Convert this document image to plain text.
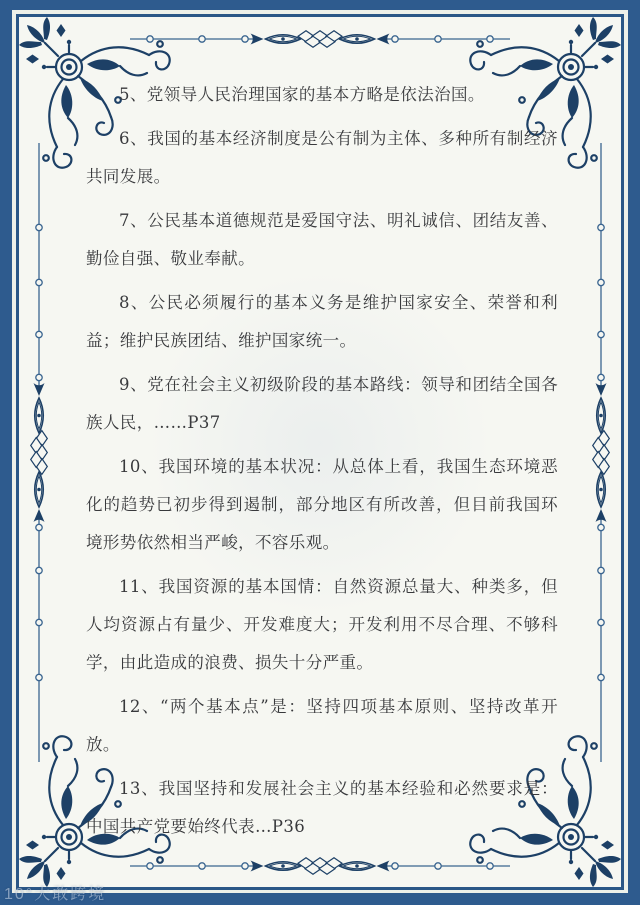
5、党领导人民治理国家的基本方略是依法治国。

6、我国的基本经济制度是公有制为主体、多种所有制经济共同发展。

7、公民基本道德规范是爱国守法、明礼诚信、团结友善、勤俭自强、敬业奉献。

8、公民必须履行的基本义务是维护国家安全、荣誉和利益；维护民族团结、维护国家统一。

9、党在社会主义初级阶段的基本路线：领导和团结全国各族人民，……P37

10、我国环境的基本状况：从总体上看，我国生态环境恶化的趋势已初步得到遏制，部分地区有所改善，但目前我国环境形势依然相当严峻，不容乐观。

11、我国资源的基本国情：自然资源总量大、种类多，但人均资源占有量少、开发难度大；开发利用不尽合理、不够科学，由此造成的浪费、损失十分严重。

12、“两个基本点”是：坚持四项基本原则、坚持改革开放。

13、我国坚持和发展社会主义的基本经验和必然要求是：中国共产党要始终代表…P36

10°大敢跨境
